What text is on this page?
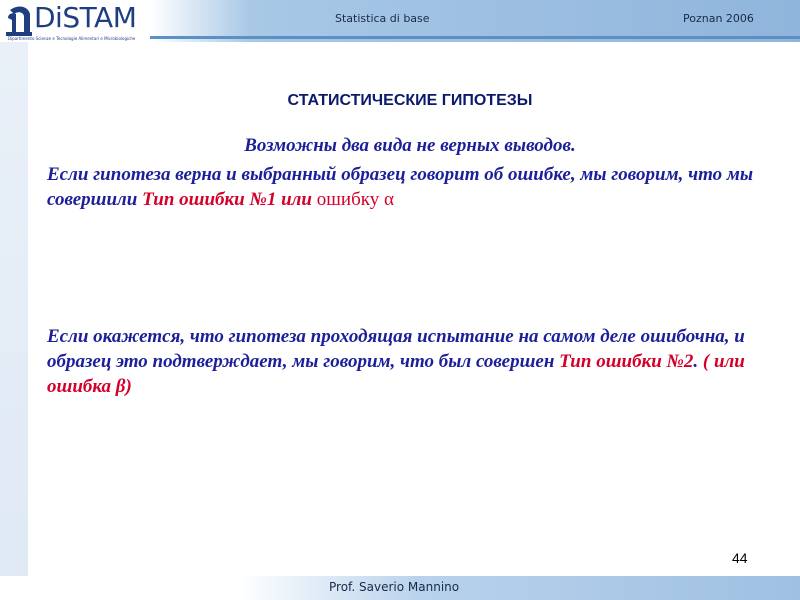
DiSTAM
Dipartimento Scienze e Tecnologie Alimentari e Microbiologiche
Statistica di base	Poznan 2006
СТАТИСТИЧЕСКИЕ ГИПОТЕЗЫ
Возможны два вида не верных выводов.
Если гипотеза верна и выбранный образец говорит об ошибке, мы говорим, что мы совершили Тип ошибки №1 или ошибку α
Если окажется, что гипотеза проходящая испытание на самом деле ошибочна, и образец это подтверждает, мы говорим, что был совершен Тип ошибки №2. ( или ошибка β)
44
Prof. Saverio Mannino
